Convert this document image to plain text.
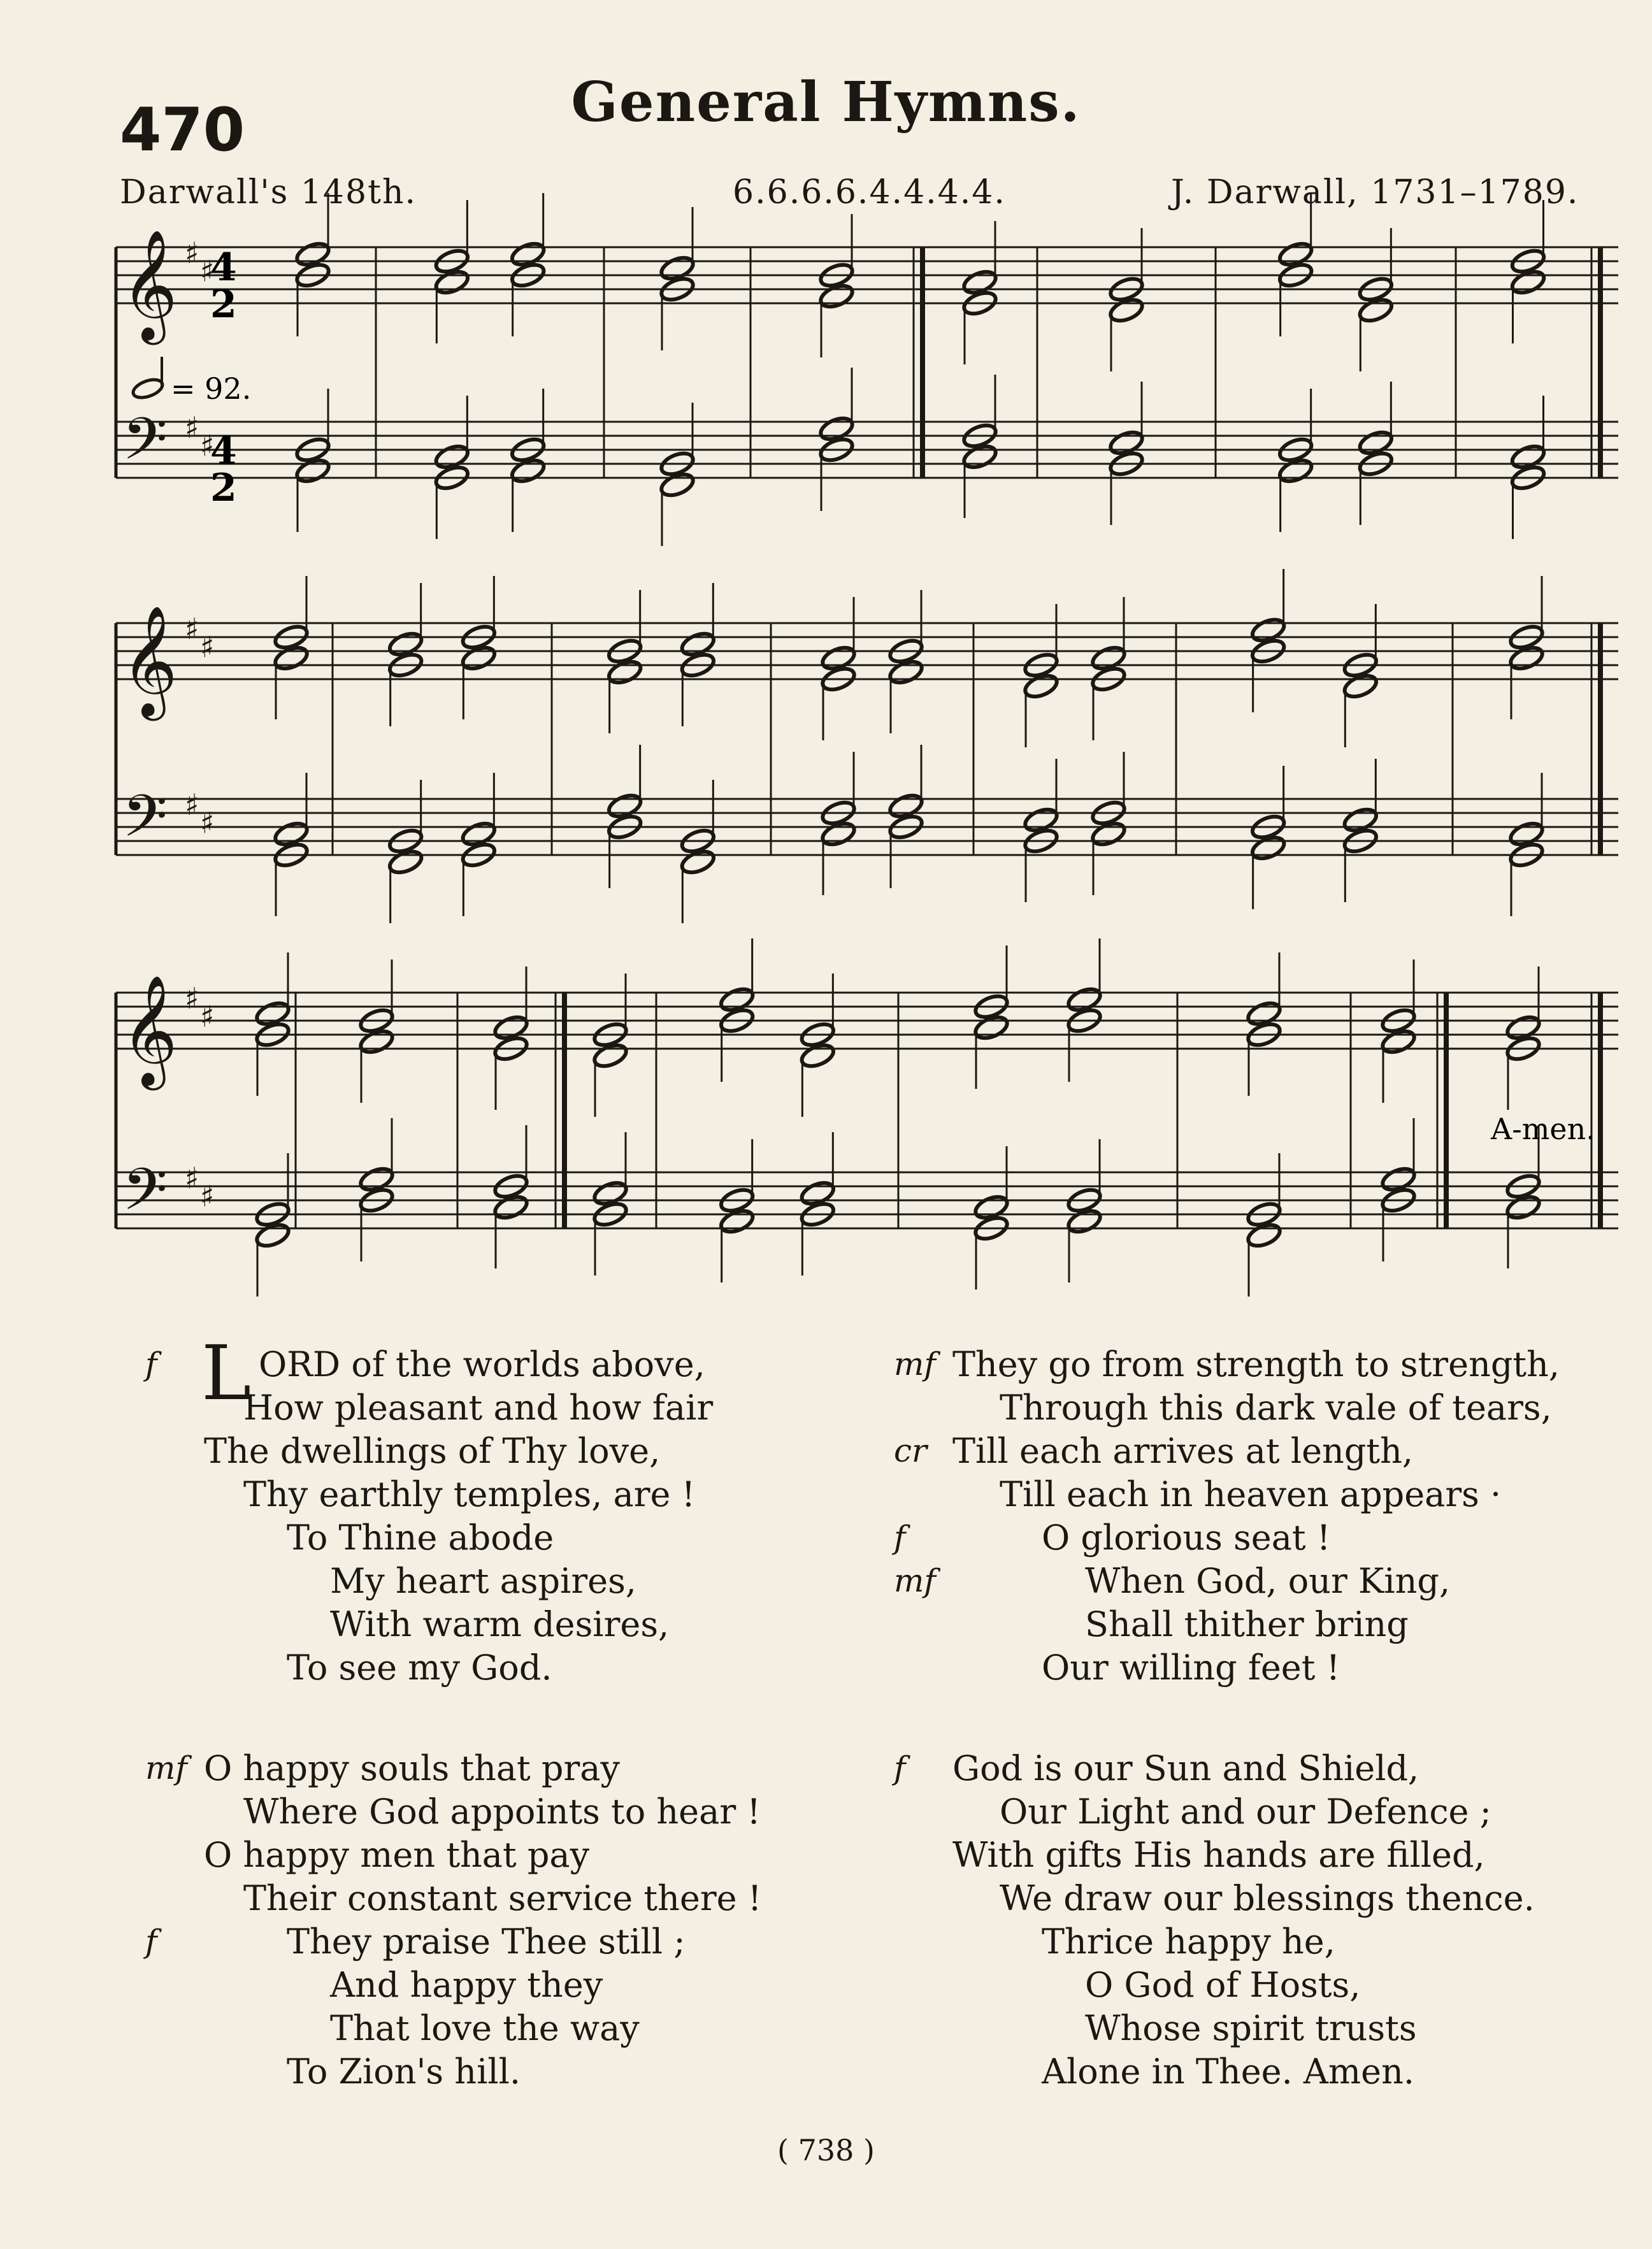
470	General Hymns.
Darwall's 148th.	6.6.6.6.4.4.4.4.	J. Darwall, 1731–1789.
𝄞 ♯
♯
𝄢 ♯
♯
𝄞 ♯
♯
𝄢 ♯
♯
𝄞 ♯
♯
𝄢 ♯
♯
= 92.
4
2
4
2
A-men.
f L ORD of the worlds above,
How pleasant and how fair
The dwellings of Thy love,
Thy earthly temples, are !
To Thine abode
My heart aspires,
With warm desires,
To see my God.
mf O happy souls that pray
Where God appoints to hear !
O happy men that pay
Their constant service there !
f	They praise Thee still ;
And happy they
That love the way
To Zion's hill.
mf They go from strength to strength,
Through this dark vale of tears,
cr Till each arrives at length,
Till each in heaven appears ·
f	O glorious seat !
mf	When God, our King,
Shall thither bring
Our willing feet !
f God is our Sun and Shield,
Our Light and our Defence ;
With gifts His hands are filled,
We draw our blessings thence.
Thrice happy he,
O God of Hosts,
Whose spirit trusts
Alone in Thee. Amen.
( 738 )
